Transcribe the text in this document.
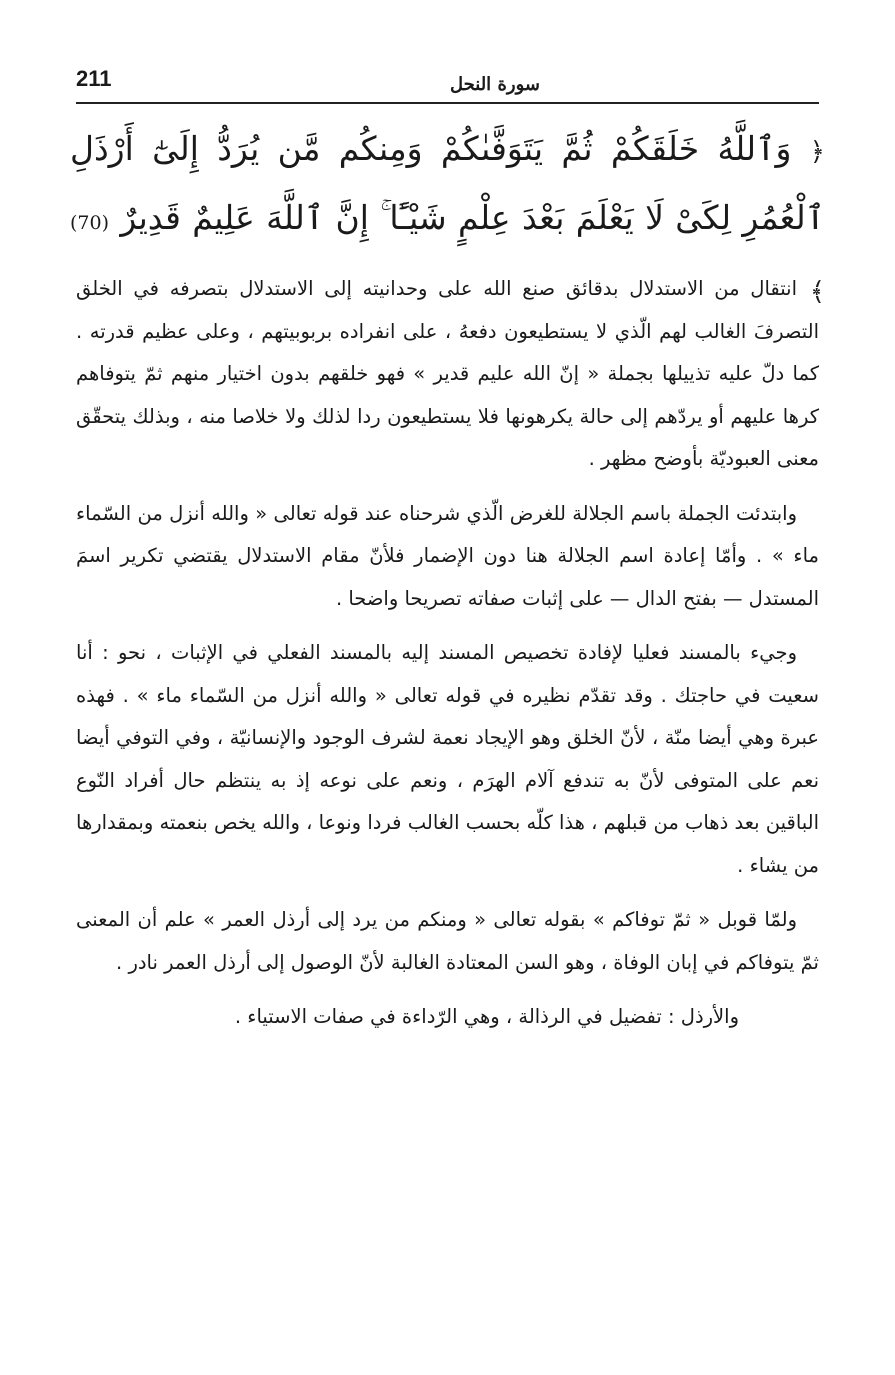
211	سورة النحل
﴿ وَٱللَّهُ خَلَقَكُمْ ثُمَّ يَتَوَفَّىٰكُمْ وَمِنكُم مَّن يُرَدُّ إِلَىٰٓ أَرْذَلِ ٱلْعُمُرِ لِكَىْ لَا يَعْلَمَ بَعْدَ عِلْمٍ شَيْـًٔا ۚ إِنَّ ٱللَّهَ عَلِيمٌ قَدِيرٌ (70) ﴾

انتقال من الاستدلال بدقائق صنع الله على وحدانيته إلى الاستدلال بتصرفه في الخلق التصرفَ الغالب لهم الّذي لا يستطيعون دفعهُ ، على انفراده بربوبيتهم ، وعلى عظيم قدرته . كما دلّ عليه تذييلها بجملة « إنّ الله عليم قدير » فهو خلقهم بدون اختيار منهم ثمّ يتوفاهم كرها عليهم أو يردّهم إلى حالة يكرهونها فلا يستطيعون ردا لذلك ولا خلاصا منه ، وبذلك يتحقّق معنى العبوديّة بأوضح مظهر .

وابتدئت الجملة باسم الجلالة للغرض الّذي شرحناه عند قوله تعالى « والله أنزل من السّماء ماء » . وأمّا إعادة اسم الجلالة هنا دون الإضمار فلأنّ مقام الاستدلال يقتضي تكرير اسمَ المستدل — بفتح الدال — على إثبات صفاته تصريحا واضحا .

وجيء بالمسند فعليا لإفادة تخصيص المسند إليه بالمسند الفعلي في الإثبات ، نحو : أنا سعيت في حاجتك . وقد تقدّم نظيره في قوله تعالى « والله أنزل من السّماء ماء » . فهذه عبرة وهي أيضا منّة ، لأنّ الخلق وهو الإيجاد نعمة لشرف الوجود والإنسانيّة ، وفي التوفي أيضا نعم على المتوفى لأنّ به تندفع آلام الهرَم ، ونعم على نوعه إذ به ينتظم حال أفراد النّوع الباقين بعد ذهاب من قبلهم ، هذا كلّه بحسب الغالب فردا ونوعا ، والله يخص بنعمته وبمقدارها من يشاء .

ولمّا قوبل « ثمّ توفاكم » بقوله تعالى « ومنكم من يرد إلى أرذل العمر » علم أن المعنى ثمّ يتوفاكم في إبان الوفاة ، وهو السن المعتادة الغالبة لأنّ الوصول إلى أرذل العمر نادر .

والأرذل : تفضيل في الرذالة ، وهي الرّداءة في صفات الاستياء .
